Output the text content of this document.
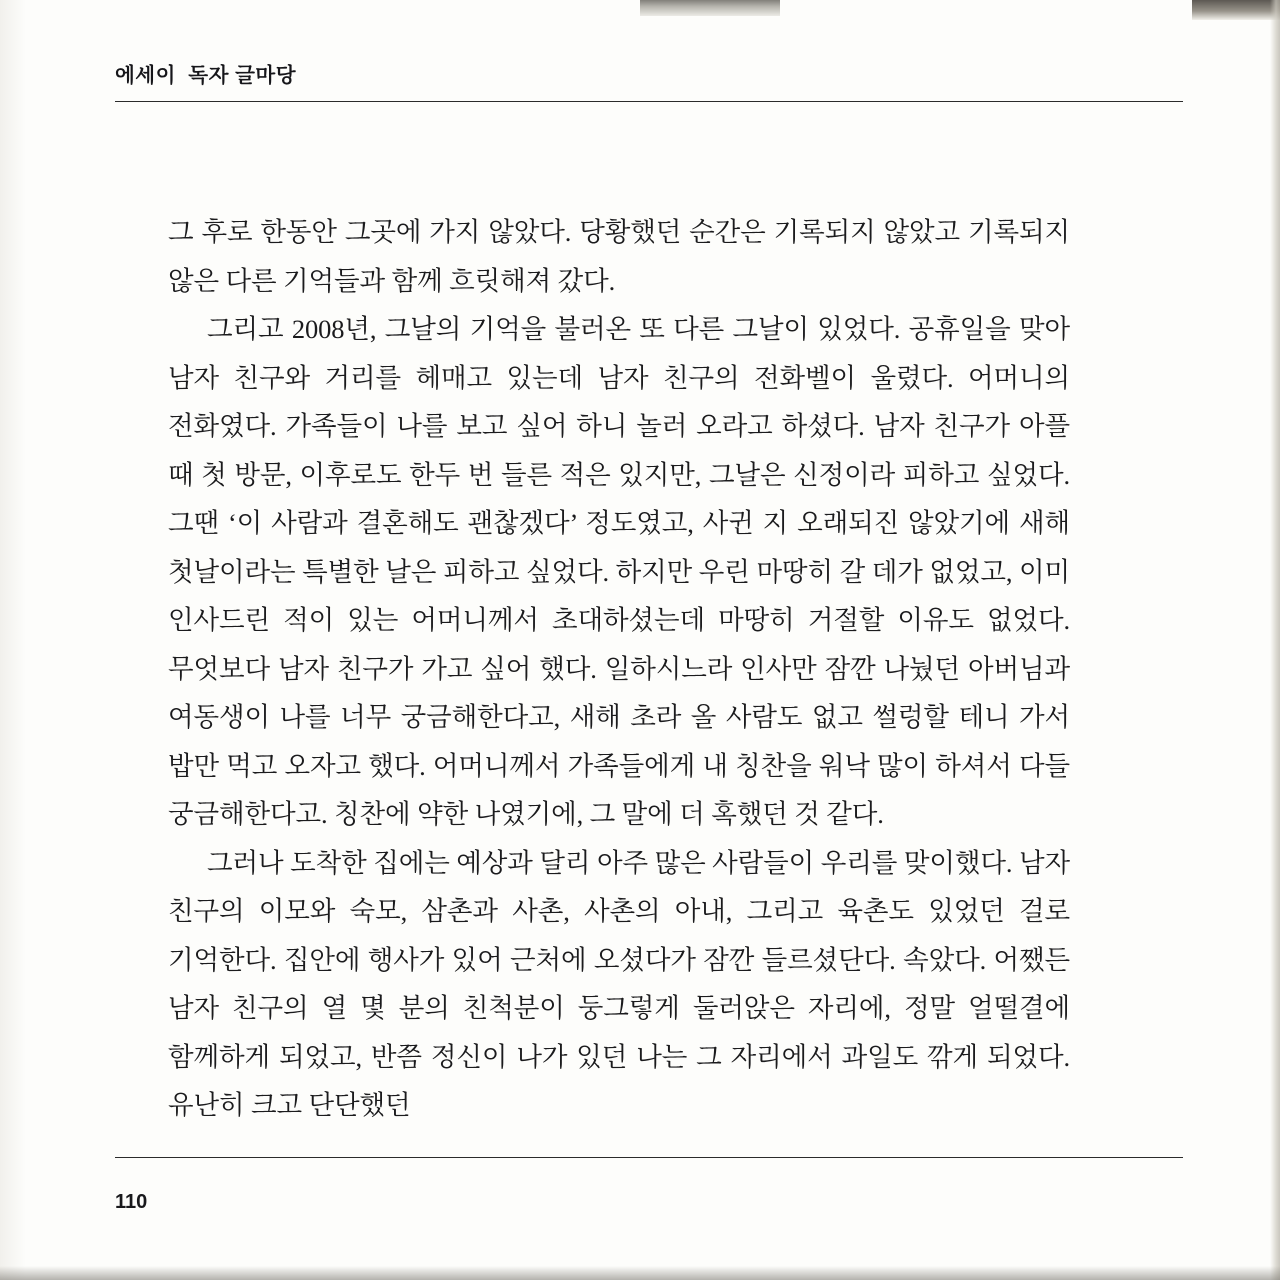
에세이  독자 글마당

그 후로 한동안 그곳에 가지 않았다. 당황했던 순간은 기록되지 않았고 기록되지 않은 다른 기억들과 함께 흐릿해져 갔다.

그리고 2008년, 그날의 기억을 불러온 또 다른 그날이 있었다. 공휴일을 맞아 남자 친구와 거리를 헤매고 있는데 남자 친구의 전화벨이 울렸다. 어머니의 전화였다. 가족들이 나를 보고 싶어 하니 놀러 오라고 하셨다. 남자 친구가 아플 때 첫 방문, 이후로도 한두 번 들른 적은 있지만, 그날은 신정이라 피하고 싶었다. 그땐 ‘이 사람과 결혼해도 괜찮겠다’ 정도였고, 사귄 지 오래되진 않았기에 새해 첫날이라는 특별한 날은 피하고 싶었다. 하지만 우린 마땅히 갈 데가 없었고, 이미 인사드린 적이 있는 어머니께서 초대하셨는데 마땅히 거절할 이유도 없었다. 무엇보다 남자 친구가 가고 싶어 했다. 일하시느라 인사만 잠깐 나눴던 아버님과 여동생이 나를 너무 궁금해한다고, 새해 초라 올 사람도 없고 썰렁할 테니 가서 밥만 먹고 오자고 했다. 어머니께서 가족들에게 내 칭찬을 워낙 많이 하셔서 다들 궁금해한다고. 칭찬에 약한 나였기에, 그 말에 더 혹했던 것 같다.

그러나 도착한 집에는 예상과 달리 아주 많은 사람들이 우리를 맞이했다. 남자 친구의 이모와 숙모, 삼촌과 사촌, 사촌의 아내, 그리고 육촌도 있었던 걸로 기억한다. 집안에 행사가 있어 근처에 오셨다가 잠깐 들르셨단다. 속았다. 어쨌든 남자 친구의 열 몇 분의 친척분이 둥그렇게 둘러앉은 자리에, 정말 얼떨결에 함께하게 되었고, 반쯤 정신이 나가 있던 나는 그 자리에서 과일도 깎게 되었다. 유난히 크고 단단했던

110
